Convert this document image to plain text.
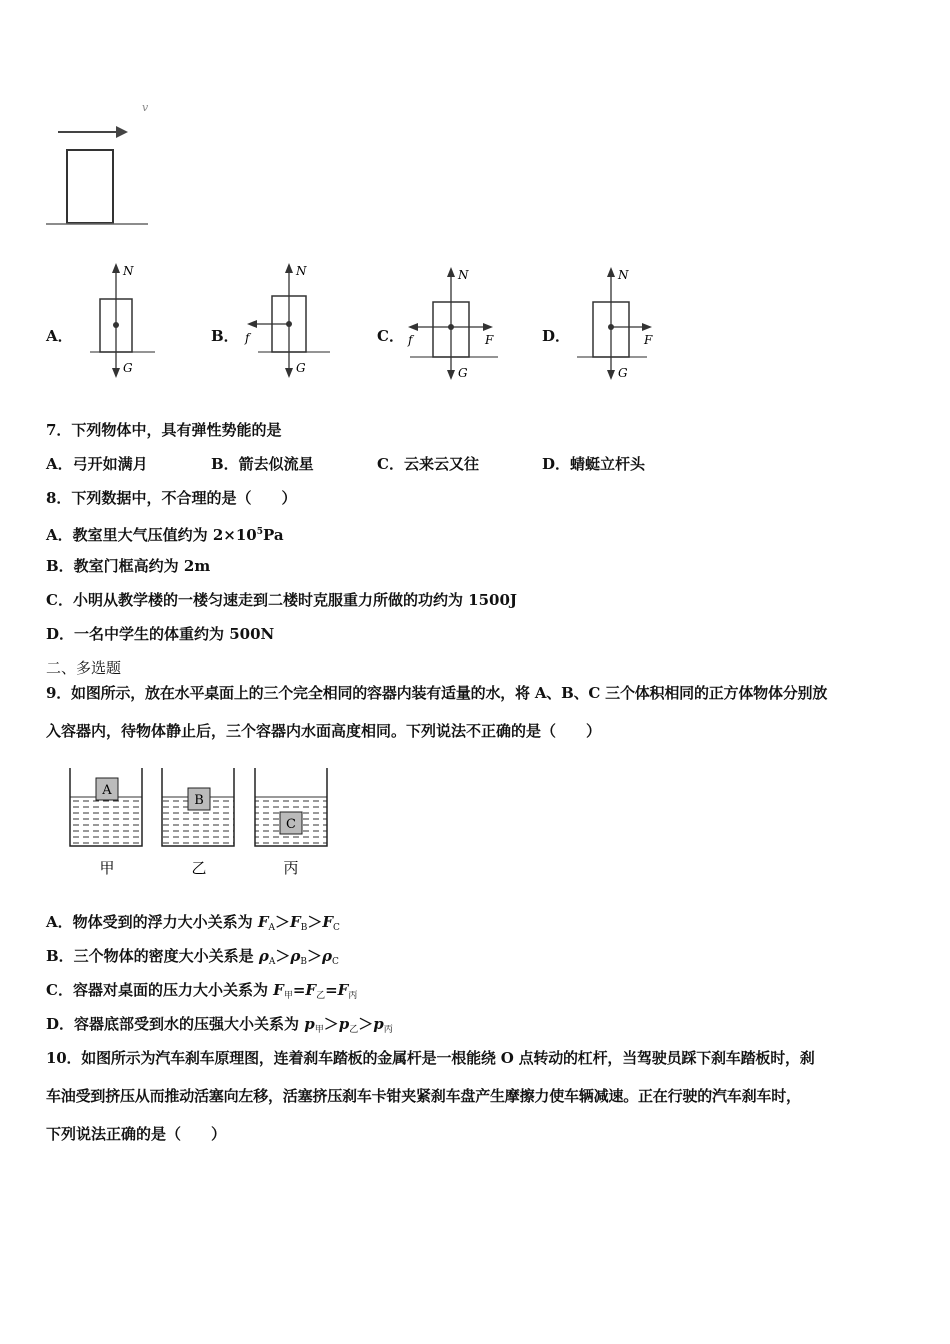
v
A．
N
G
B．
N
G
f	C．
N
G
f	F	D．
N
G
F
7．下列物体中，具有弹性势能的是
A．弓开如满月	B．箭去似流星	C．云来云又往	D．蜻蜓立杆头
8．下列数据中，不合理的是（　　）
A．教室里大气压值约为 $2\times 10^5Pa$
B．教室门框高约为 2m
C．小明从教学楼的一楼匀速走到二楼时克服重力所做的功约为 1500J
D．一名中学生的体重约为 500N
二、多选题
9．如图所示，放在水平桌面上的三个完全相同的容器内装有适量的水，将 A、B、C 三个体积相同的正方体物体分别放
入容器内，待物体静止后，三个容器内水面高度相同。下列说法不正确的是（　　）
A
甲
B
乙
C
丙
A．物体受到的浮力大小关系为 $F_A>F_B>F_C$
B．三个物体的密度大小关系是 $\rho_A>\rho_B>\rho_C$
C．容器对桌面的压力大小关系为 $F_甲=F_乙=F_丙$
D．容器底部受到水的压强大小关系为 $p_甲>p_乙>p_丙$
10．如图所示为汽车刹车原理图，连着刹车踏板的金属杆是一根能绕 O 点转动的杠杆，当驾驶员踩下刹车踏板时，刹
车油受到挤压从而推动活塞向左移，活塞挤压刹车卡钳夹紧刹车盘产生摩擦力使车辆减速。正在行驶的汽车刹车时，
下列说法正确的是（　　）
